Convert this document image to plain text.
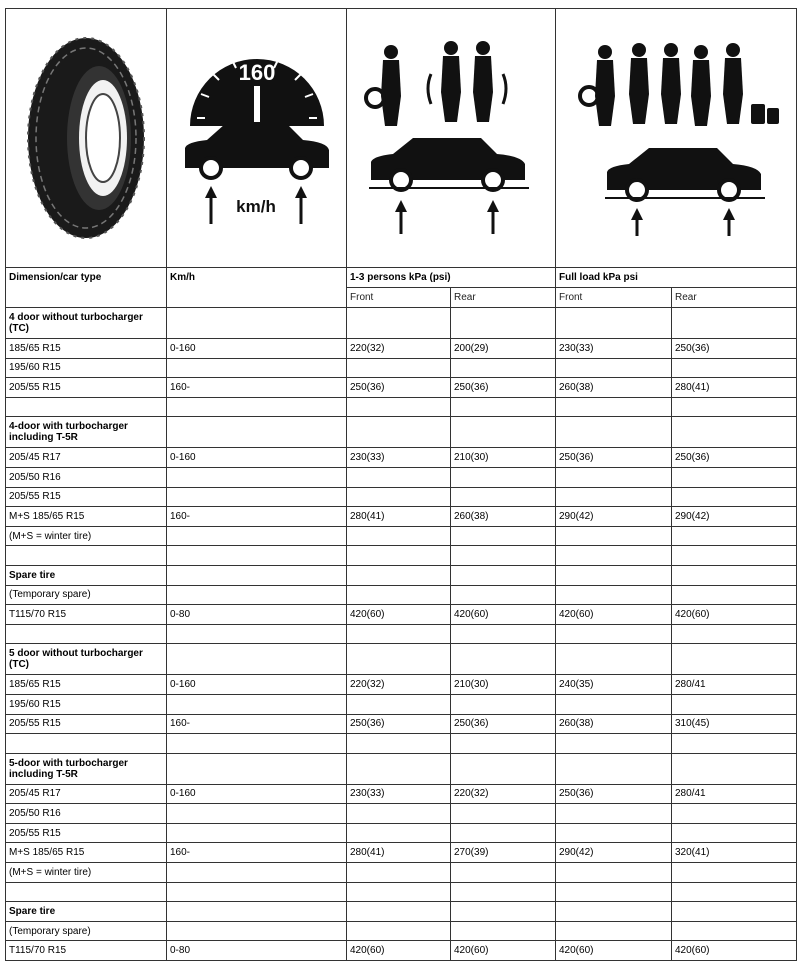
160
km/h

Dimension/car type	Km/h	1-3 persons kPa (psi)		Full load kPa psi	
		Front	Rear	Front	Rear
4 door without turbocharger (TC)					
185/65 R15	0-160	220(32)	200(29)	230(33)	250(36)
195/60 R15					
205/55 R15	160-	250(36)	250(36)	260(38)	280(41)

4-door with turbocharger including T-5R					
205/45 R17	0-160	230(33)	210(30)	250(36)	250(36)
205/50 R16					
205/55 R15					
M+S 185/65 R15	160-	280(41)	260(38)	290(42)	290(42)
(M+S = winter tire)					

Spare tire					
(Temporary spare)					
T115/70 R15	0-80	420(60)	420(60)	420(60)	420(60)

5 door without turbocharger (TC)					
185/65 R15	0-160	220(32)	210(30)	240(35)	280/41
195/60 R15					
205/55 R15	160-	250(36)	250(36)	260(38)	310(45)

5-door with turbocharger including T-5R					
205/45 R17	0-160	230(33)	220(32)	250(36)	280/41
205/50 R16					
205/55 R15					
M+S 185/65 R15	160-	280(41)	270(39)	290(42)	320(41)
(M+S = winter tire)					

Spare tire					
(Temporary spare)					
T115/70 R15	0-80	420(60)	420(60)	420(60)	420(60)
